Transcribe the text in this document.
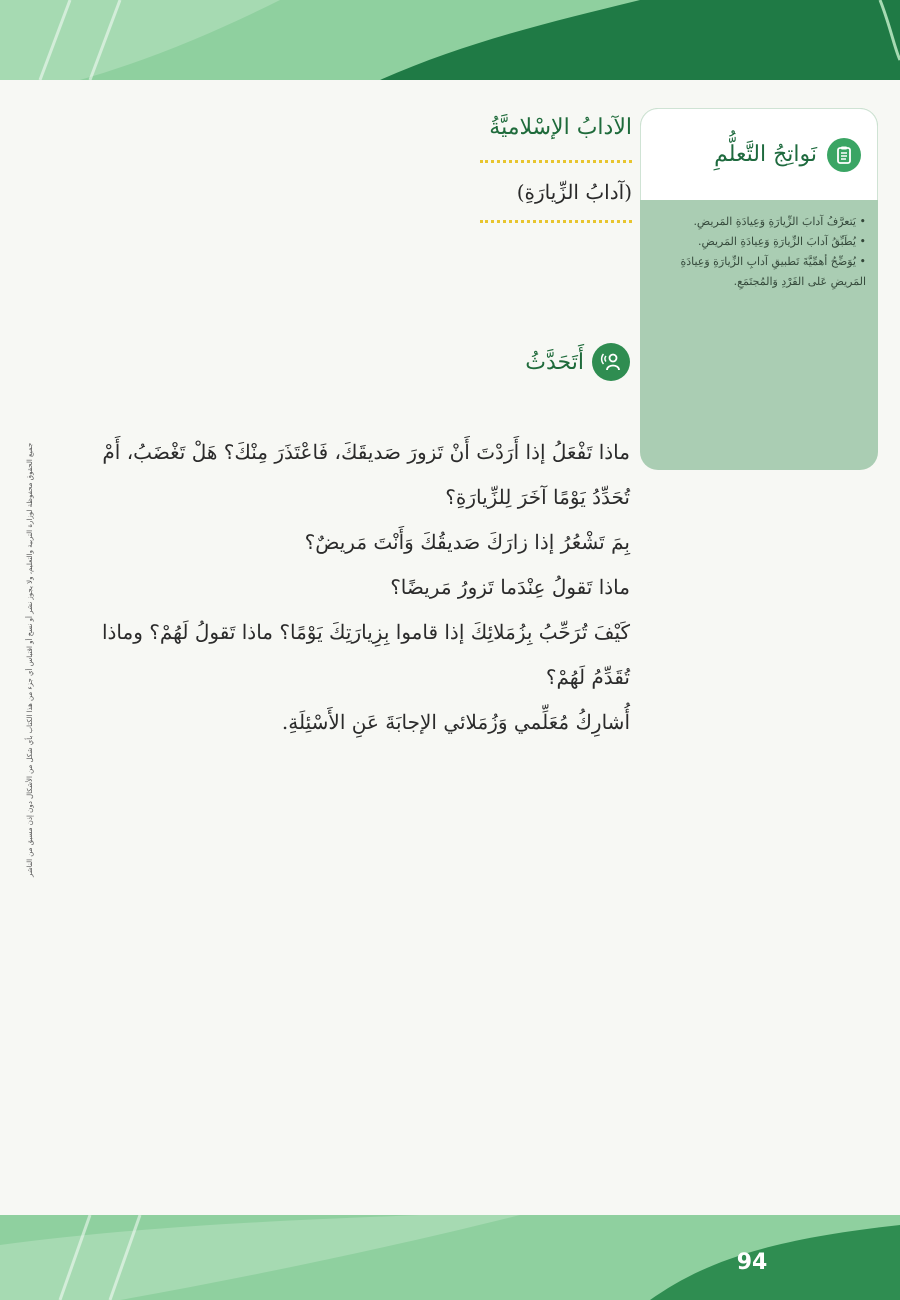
جميع الحقوق محفوظة لوزارة التربية والتعليم، ولا يجوز نشر أو نسخ أو اقتباس أي جزء من هذا الكتاب بأي شكل من الأشكال دون إذن مسبق من الناشر
نَواتِجُ التَّعلُّمِ
• يَتعرَّفُ آدابَ الزِّيارَةِ وَعِيادَةِ المَريضِ.
• يُطَبِّقُ آدابَ الزِّيارَةِ وَعِيادَةِ المَريضِ.
• يُوَضِّحُ أهمِّيَّةَ تَطبيقِ آدابِ الزِّيارَةِ وَعِيادَةِ المَريضِ عَلى الفَرْدِ وَالمُجتَمَعِ.
الآدابُ الإسْلاميَّةُ
(آدابُ الزِّيارَةِ)
أَتَحَدَّثُ

ماذا تَفْعَلُ إذا أَرَدْتَ أَنْ تَزورَ صَديقَكَ، فَاعْتَذَرَ مِنْكَ؟ هَلْ تَغْضَبُ، أَمْ تُحَدِّدُ يَوْمًا آخَرَ لِلزِّيارَةِ؟

بِمَ تَشْعُرُ إذا زارَكَ صَديقُكَ وَأَنْتَ مَريضٌ؟

ماذا تَقولُ عِنْدَما تَزورُ مَريضًا؟

كَيْفَ تُرَحِّبُ بِزُمَلائِكَ إذا قاموا بِزِيارَتِكَ يَوْمًا؟ ماذا تَقولُ لَهُمْ؟ وماذا تُقَدِّمُ لَهُمْ؟

أُشارِكُ مُعَلِّمي وَزُمَلائي الإجابَةَ عَنِ الأَسْئِلَةِ.

94
